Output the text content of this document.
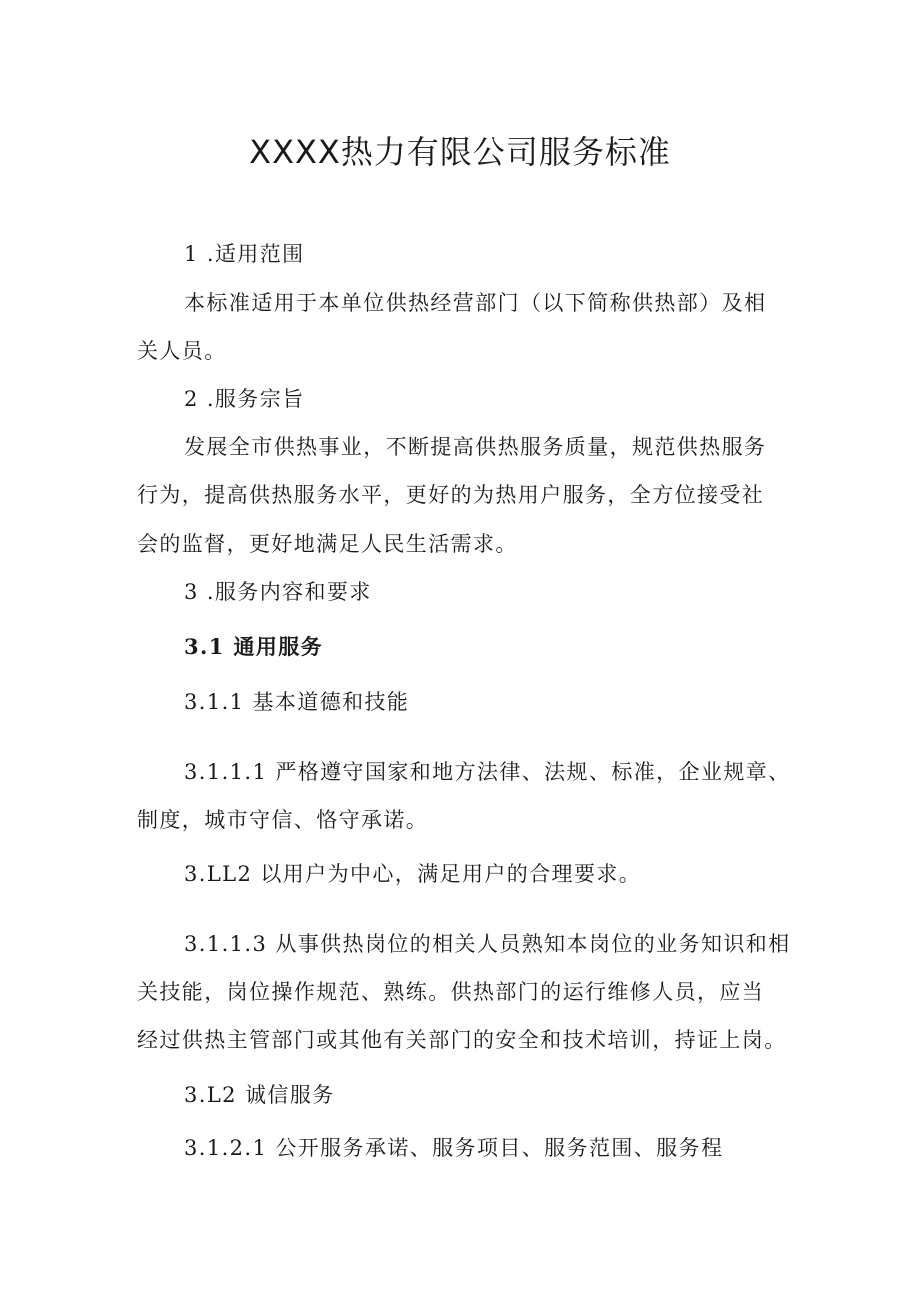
XXXX热力有限公司服务标准
1 .适用范围
本标准适用于本单位供热经营部门（以下简称供热部）及相
关人员。
2 .服务宗旨
发展全市供热事业，不断提高供热服务质量，规范供热服务
行为，提高供热服务水平，更好的为热用户服务，全方位接受社
会的监督，更好地满足人民生活需求。
3 .服务内容和要求
3.1 通用服务
3.1.1 基本道德和技能
3.1.1.1 严格遵守国家和地方法律、法规、标准，企业规章、
制度，城市守信、恪守承诺。
3.LL2 以用户为中心，满足用户的合理要求。
3.1.1.3 从事供热岗位的相关人员熟知本岗位的业务知识和相
关技能，岗位操作规范、熟练。供热部门的运行维修人员，应当
经过供热主管部门或其他有关部门的安全和技术培训，持证上岗。
3.L2 诚信服务
3.1.2.1 公开服务承诺、服务项目、服务范围、服务程
